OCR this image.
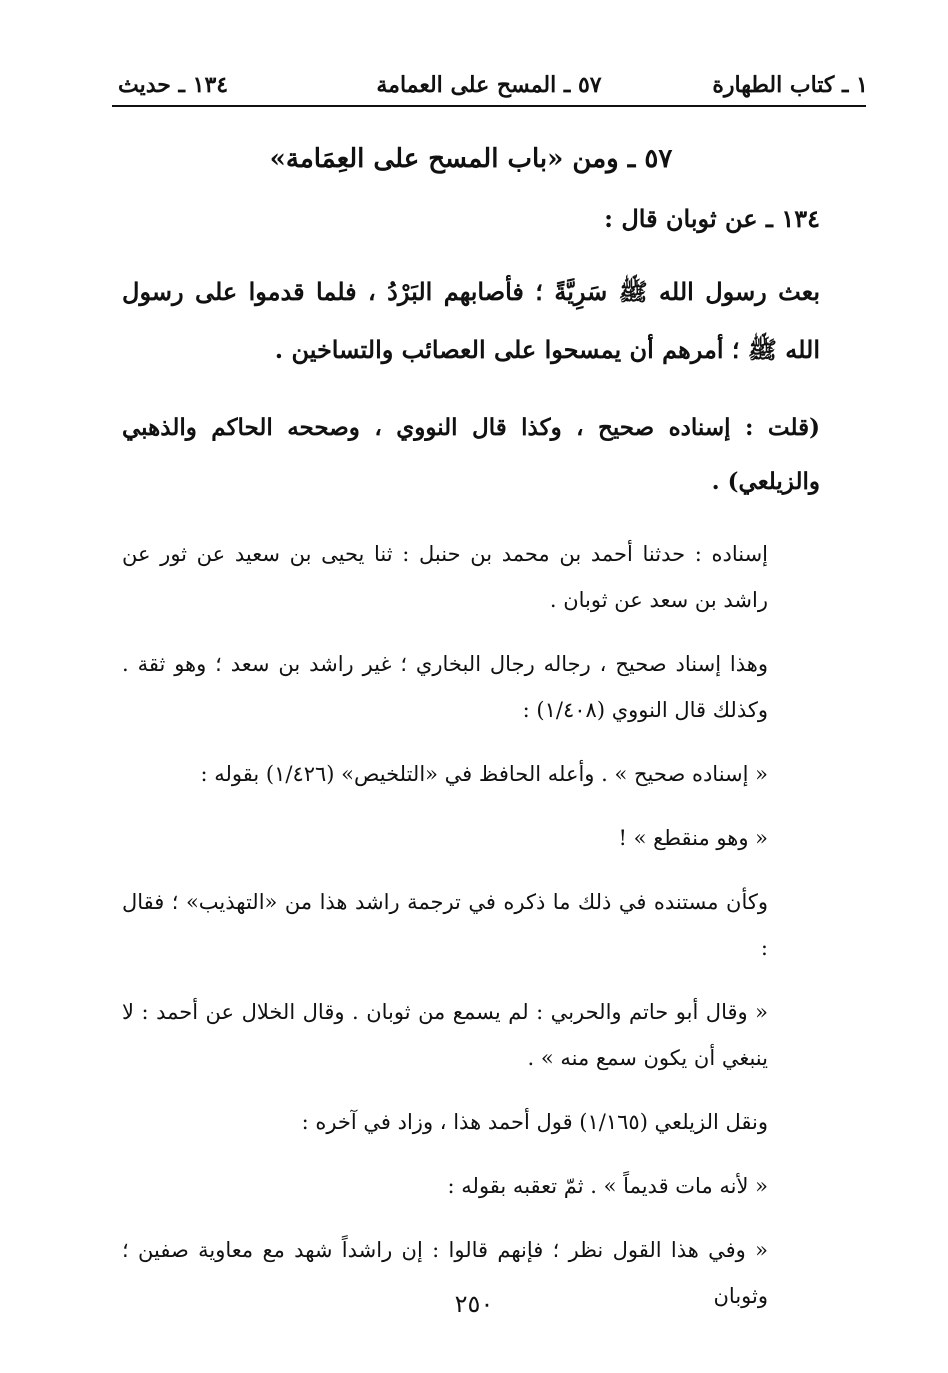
١ ـ كتاب الطهارة
٥٧ ـ المسح على العمامة
١٣٤ ـ حديث
٥٧ ـ ومن «باب المسح على العِمَامة»
١٣٤ ـ عن ثوبان قال :

بعث رسول الله ﷺ سَرِيَّةً ؛ فأصابهم البَرْدُ ، فلما قدموا على رسول الله ﷺ ؛ أمرهم أن يمسحوا على العصائب والتساخين .

(قلت : إسناده صحيح ، وكذا قال النووي ، وصححه الحاكم والذهبي والزيلعي) .

إسناده : حدثنا أحمد بن محمد بن حنبل : ثنا يحيى بن سعيد عن ثور عن راشد بن سعد عن ثوبان .

وهذا إسناد صحيح ، رجاله رجال البخاري ؛ غير راشد بن سعد ؛ وهو ثقة . وكذلك قال النووي (١/٤٠٨) :

« إسناده صحيح » . وأعله الحافظ في «التلخيص» (١/٤٢٦) بقوله :

« وهو منقطع » !

وكأن مستنده في ذلك ما ذكره في ترجمة راشد هذا من «التهذيب» ؛ فقال :

« وقال أبو حاتم والحربي : لم يسمع من ثوبان . وقال الخلال عن أحمد : لا ينبغي أن يكون سمع منه » .

ونقل الزيلعي (١/١٦٥) قول أحمد هذا ، وزاد في آخره :

« لأنه مات قديماً » . ثمّ تعقبه بقوله :

« وفي هذا القول نظر ؛ فإنهم قالوا : إن راشداً شهد مع معاوية صفين ؛ وثوبان

٢٥٠
